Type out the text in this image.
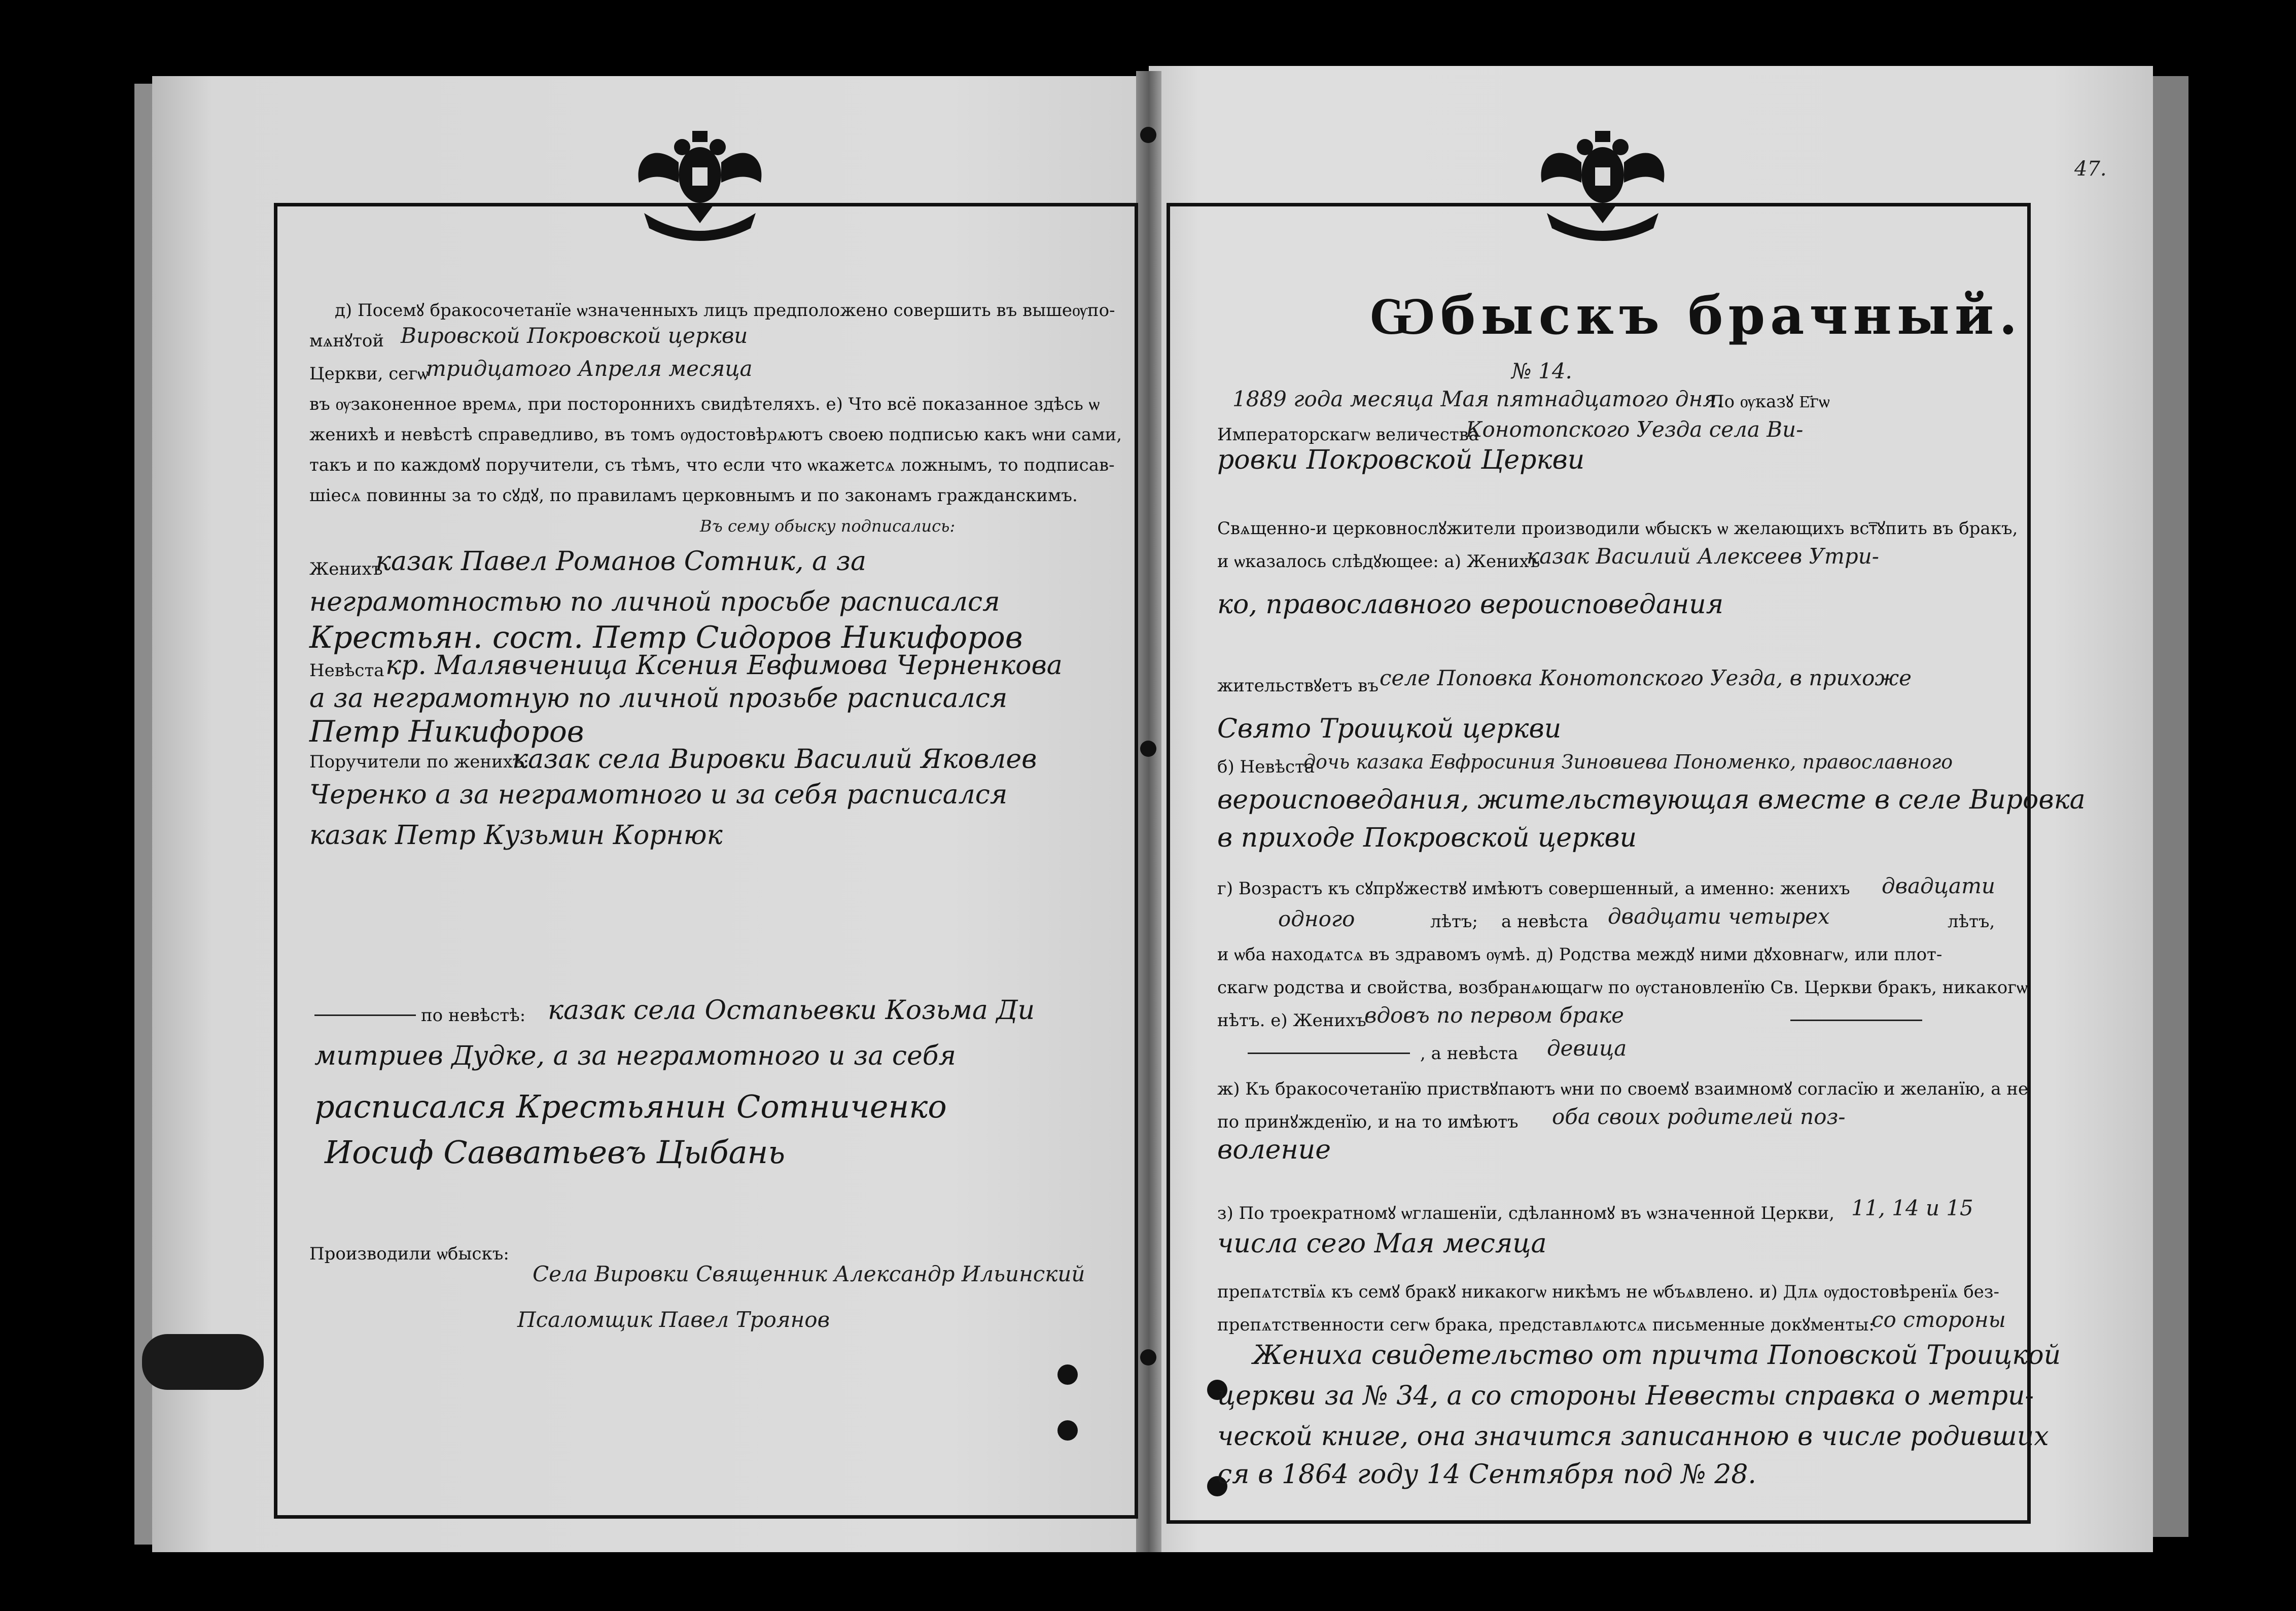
47.
д) Посемꙋ бракосочетанїе ѡзначенныхъ лицъ предположено совершить въ вышеѹпо-
мѧнꙋтой Вировской Покровской церкви
Церкви, сегѡ
тридцатого Апреля месяца
въ ѹзаконенное времѧ, при постороннихъ свидѣтеляхъ. е) Что всё показанное здѣсь ѡ
женихѣ и невѣстѣ справедливо, въ томъ ѹдостовѣрѧютъ своею подписью какъ ѡни сами,
такъ и по каждомꙋ поручители, съ тѣмъ, что если что ѡкажетсѧ ложнымъ, то подписав-
шіесѧ повинны за то сꙋдꙋ, по правиламъ церковнымъ и по законамъ гражданскимъ.
Въ сему обыску подписались:
Женихъ
казак Павел Романов Сотник, а за
неграмотностью по личной просьбе расписался
Крестьян. сост. Петр Сидоров Никифоров
Невѣста кр. Малявченица Ксения Евфимова Черненкова
а за неграмотную по личной прозьбе расписался
Петр Никифоров
Поручители по женихѣ:
казак села Вировки Василий Яковлев
Черенко а за неграмотного и за себя расписался
казак Петр Кузьмин Корнюк
по невѣстѣ: казак села Остапьевки Козьма Ди
митриев Дудке, а за неграмотного и за себя
расписался Крестьянин Сотниченко
Иосиф Савватьевъ Цыбань
Производили ѡбыскъ:
Села Вировки Священник Александр Ильинский
Псаломщик Павел Троянов
Ѡбыскъ брачный.
№ 14.
1889 года месяца Мая пятнадцатого дня.
По ѹказꙋ Е҃гѡ
Императорскагѡ величества
Конотопского Уезда села Ви-
ровки Покровской Церкви
Свѧщенно-и церковнослꙋжители производили ѡбыскъ ѡ желающихъ вст꙯ꙋпить въ бракъ,
и ѡказалось слѣдꙋющее: а) Женихъ
казак Василий Алексеев Утри-
ко, православного вероисповедания
жительствꙋетъ въ селе Поповка Конотопского Уезда, в прихоже
Свято Троицкой церкви
б) Невѣста
дочь казака Евфросиния Зиновиева Пономенко, православного
вероисповедания, жительствующая вместе в селе Вировка
в приходе Покровской церкви
г) Возрастъ къ сꙋпрꙋжествꙋ имѣютъ совершенный, а именно: женихъ двадцати
одного	лѣтъ; а невѣста двадцати четырех	лѣтъ,
и ѡба находѧтсѧ въ здравомъ ѹмѣ. д) Родства междꙋ ними дꙋховнагѡ, или плот-
скагѡ родства и свойства, возбранѧющагѡ по ѹстановленїю Св. Церкви бракъ, никакогѡ
нѣтъ. е) Женихъ
вдовъ по первом браке
, а невѣста девица
ж) Къ бракосочетанїю приствꙋпаютъ ѡни по своемꙋ взаимномꙋ согласїю и желанїю, а не
по принꙋжденїю, и на то имѣютъ оба своих родителей поз-
воление
з) По троекратномꙋ ѡглашенїи, сдѣланномꙋ въ ѡзначенной Церкви, 11, 14 и 15
числа сего Мая месяца
препѧтствїѧ къ семꙋ бракꙋ никакогѡ никѣмъ не ѡбъѧвлено. и) Длѧ ѹдостовѣренїѧ без-
препѧтственности сегѡ брака, представлѧютсѧ письменные докꙋменты:
со стороны
Жениха свидетельство от причта Поповской Троицкой
церкви за № 34, а со стороны Невесты справка о метри-
ческой книге, она значится записанною в числе родивших
ся в 1864 году 14 Сентября под № 28.
